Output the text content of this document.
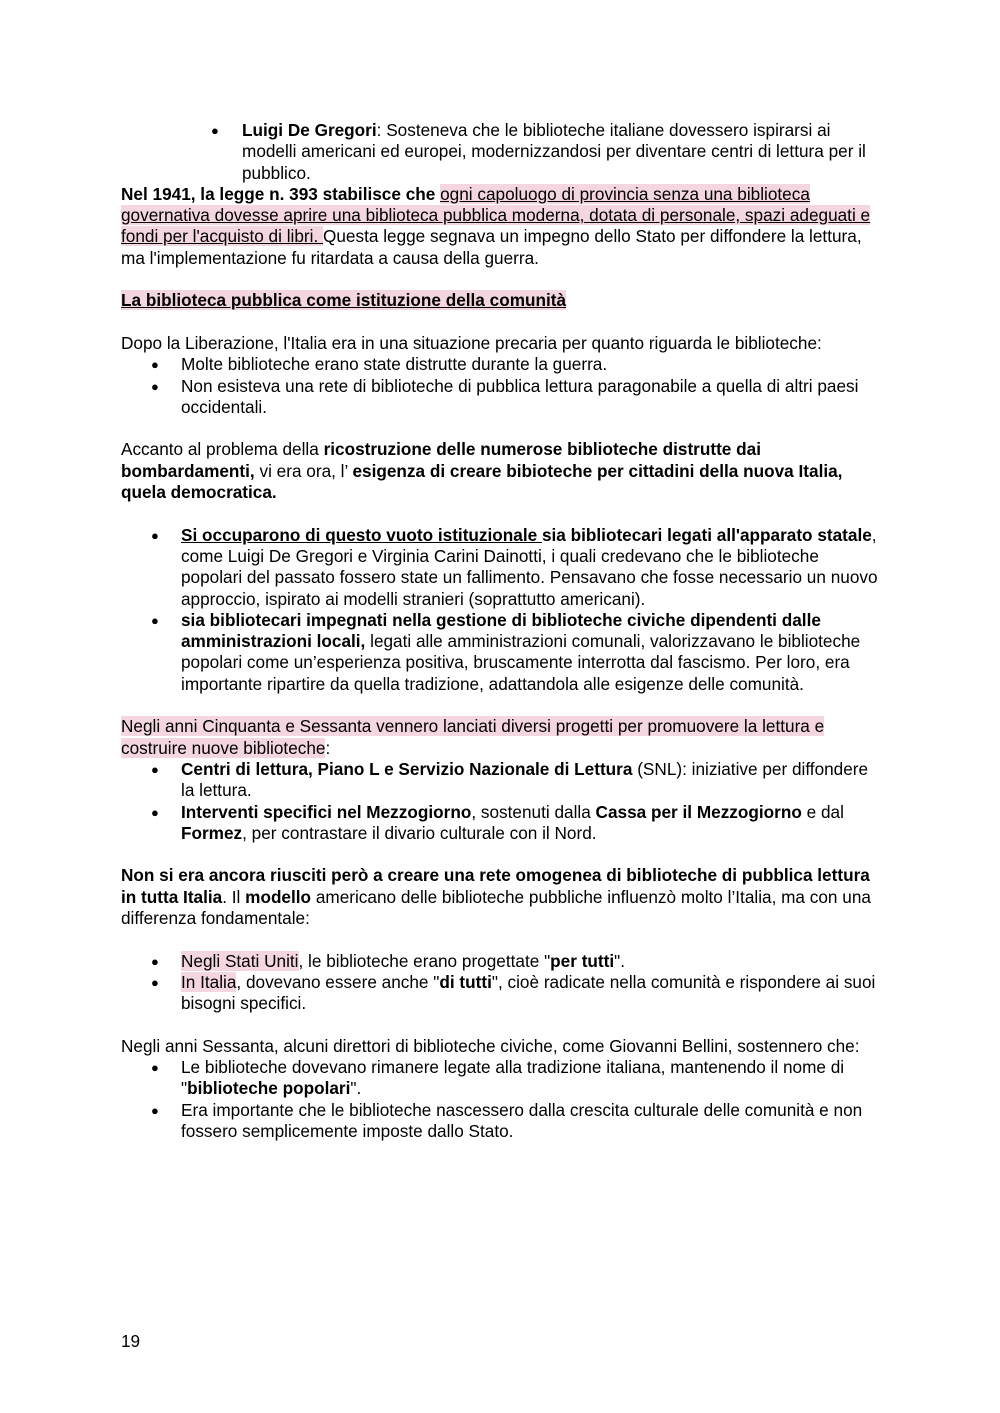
● Luigi De Gregori: Sosteneva che le biblioteche italiane dovessero ispirarsi ai modelli americani ed europei, modernizzandosi per diventare centri di lettura per il pubblico.

Nel 1941, la legge n. 393 stabilisce che ogni capoluogo di provincia senza una biblioteca governativa dovesse aprire una biblioteca pubblica moderna, dotata di personale, spazi adeguati e fondi per l'acquisto di libri. Questa legge segnava un impegno dello Stato per diffondere la lettura, ma l'implementazione fu ritardata a causa della guerra.

La biblioteca pubblica come istituzione della comunità

Dopo la Liberazione, l'Italia era in una situazione precaria per quanto riguarda le biblioteche:

● Molte biblioteche erano state distrutte durante la guerra.
● Non esisteva una rete di biblioteche di pubblica lettura paragonabile a quella di altri paesi occidentali.

Accanto al problema della ricostruzione delle numerose biblioteche distrutte dai bombardamenti, vi era ora, l’ esigenza di creare bibioteche per cittadini della nuova Italia, quela democratica.

● Si occuparono di questo vuoto istituzionale sia bibliotecari legati all'apparato statale, come Luigi De Gregori e Virginia Carini Dainotti, i quali credevano che le biblioteche popolari del passato fossero state un fallimento. Pensavano che fosse necessario un nuovo approccio, ispirato ai modelli stranieri (soprattutto americani).
● sia bibliotecari impegnati nella gestione di biblioteche civiche dipendenti dalle amministrazioni locali, legati alle amministrazioni comunali, valorizzavano le biblioteche popolari come un’esperienza positiva, bruscamente interrotta dal fascismo. Per loro, era importante ripartire da quella tradizione, adattandola alle esigenze delle comunità.

Negli anni Cinquanta e Sessanta vennero lanciati diversi progetti per promuovere la lettura e costruire nuove biblioteche:

● Centri di lettura, Piano L e Servizio Nazionale di Lettura (SNL): iniziative per diffondere la lettura.
● Interventi specifici nel Mezzogiorno, sostenuti dalla Cassa per il Mezzogiorno e dal Formez, per contrastare il divario culturale con il Nord.

Non si era ancora riusciti però a creare una rete omogenea di biblioteche di pubblica lettura in tutta Italia. Il modello americano delle biblioteche pubbliche influenzò molto l’Italia, ma con una differenza fondamentale:

● Negli Stati Uniti, le biblioteche erano progettate "per tutti".
● In Italia, dovevano essere anche "di tutti", cioè radicate nella comunità e rispondere ai suoi bisogni specifici.

Negli anni Sessanta, alcuni direttori di biblioteche civiche, come Giovanni Bellini, sostennero che:

● Le biblioteche dovevano rimanere legate alla tradizione italiana, mantenendo il nome di "biblioteche popolari".
● Era importante che le biblioteche nascessero dalla crescita culturale delle comunità e non fossero semplicemente imposte dallo Stato.
19
